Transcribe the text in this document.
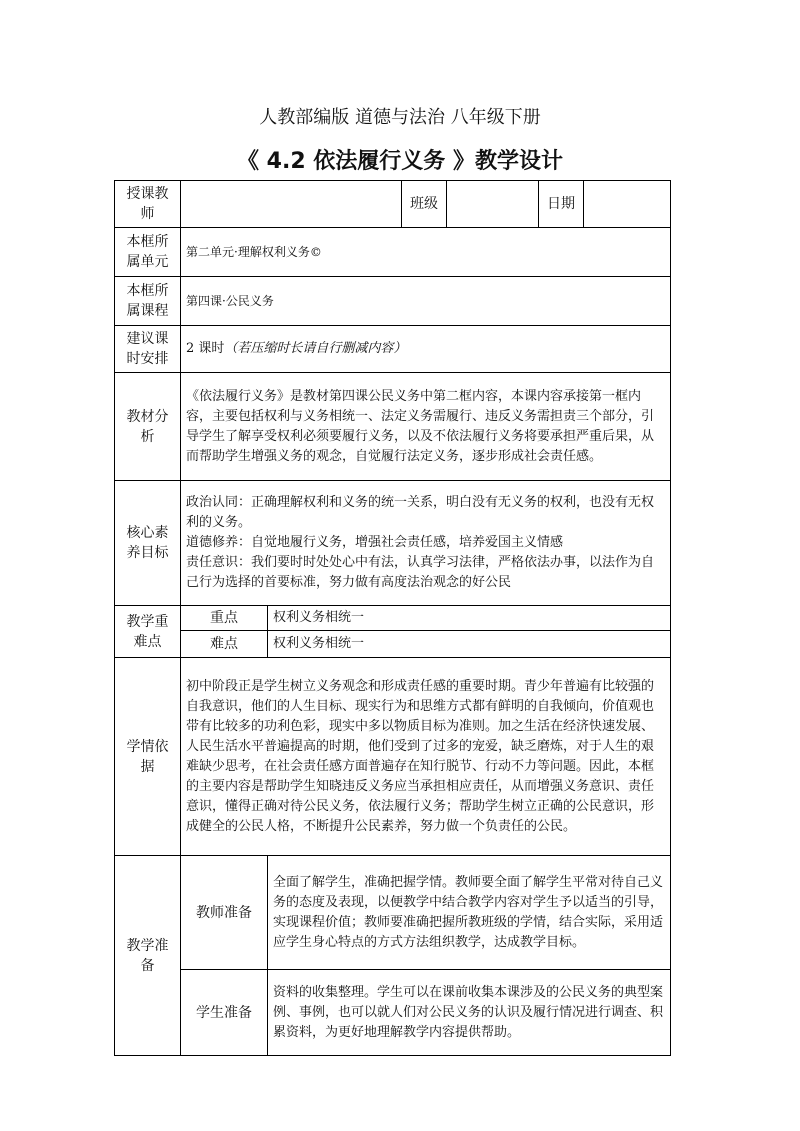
人教部编版 道德与法治 八年级下册
《 4.2 依法履行义务 》教学设计
授课教师			班级		日期	
本框所属单元	第二单元·理解权利义务©					
本框所属课程	第四课·公民义务					
建议课时安排	2 课时（若压缩时长请自行删减内容）					
教材分析	《依法履行义务》是教材第四课公民义务中第二框内容，本课内容承接第一框内容，主要包括权利与义务相统一、法定义务需履行、违反义务需担责三个部分，引导学生了解享受权利必须要履行义务，以及不依法履行义务将要承担严重后果，从而帮助学生增强义务的观念，自觉履行法定义务，逐步形成社会责任感。					
核心素养目标	政治认同：正确理解权利和义务的统一关系，明白没有无义务的权利，也没有无权利的义务。

道德修养：自觉地履行义务，增强社会责任感，培养爱国主义情感

责任意识：我们要时时处处心中有法，认真学习法律，严格依法办事，以法作为自己行为选择的首要标准，努力做有高度法治观念的好公民					

教学重难点	重点	权利义务相统一				
	难点	权利义务相统一				
学情依据	初中阶段正是学生树立义务观念和形成责任感的重要时期。青少年普遍有比较强的自我意识，他们的人生目标、现实行为和思维方式都有鲜明的自我倾向，价值观也带有比较多的功利色彩，现实中多以物质目标为准则。加之生活在经济快速发展、人民生活水平普遍提高的时期，他们受到了过多的宠爱，缺乏磨炼，对于人生的艰难缺少思考，在社会责任感方面普遍存在知行脱节、行动不力等问题。因此，本框的主要内容是帮助学生知晓违反义务应当承担相应责任，从而增强义务意识、责任意识，懂得正确对待公民义务，依法履行义务；帮助学生树立正确的公民意识，形成健全的公民人格，不断提升公民素养，努力做一个负责任的公民。					
教学准备	教师准备	全面了解学生，准确把握学情。教师要全面了解学生平常对待自己义务的态度及表现，以便教学中结合教学内容对学生予以适当的引导，实现课程价值；教师要准确把握所教班级的学情，结合实际，采用适应学生身心特点的方式方法组织教学，达成教学目标。				
	学生准备	资料的收集整理。学生可以在课前收集本课涉及的公民义务的典型案例、事例，也可以就人们对公民义务的认识及履行情况进行调查、积累资料，为更好地理解教学内容提供帮助。				
